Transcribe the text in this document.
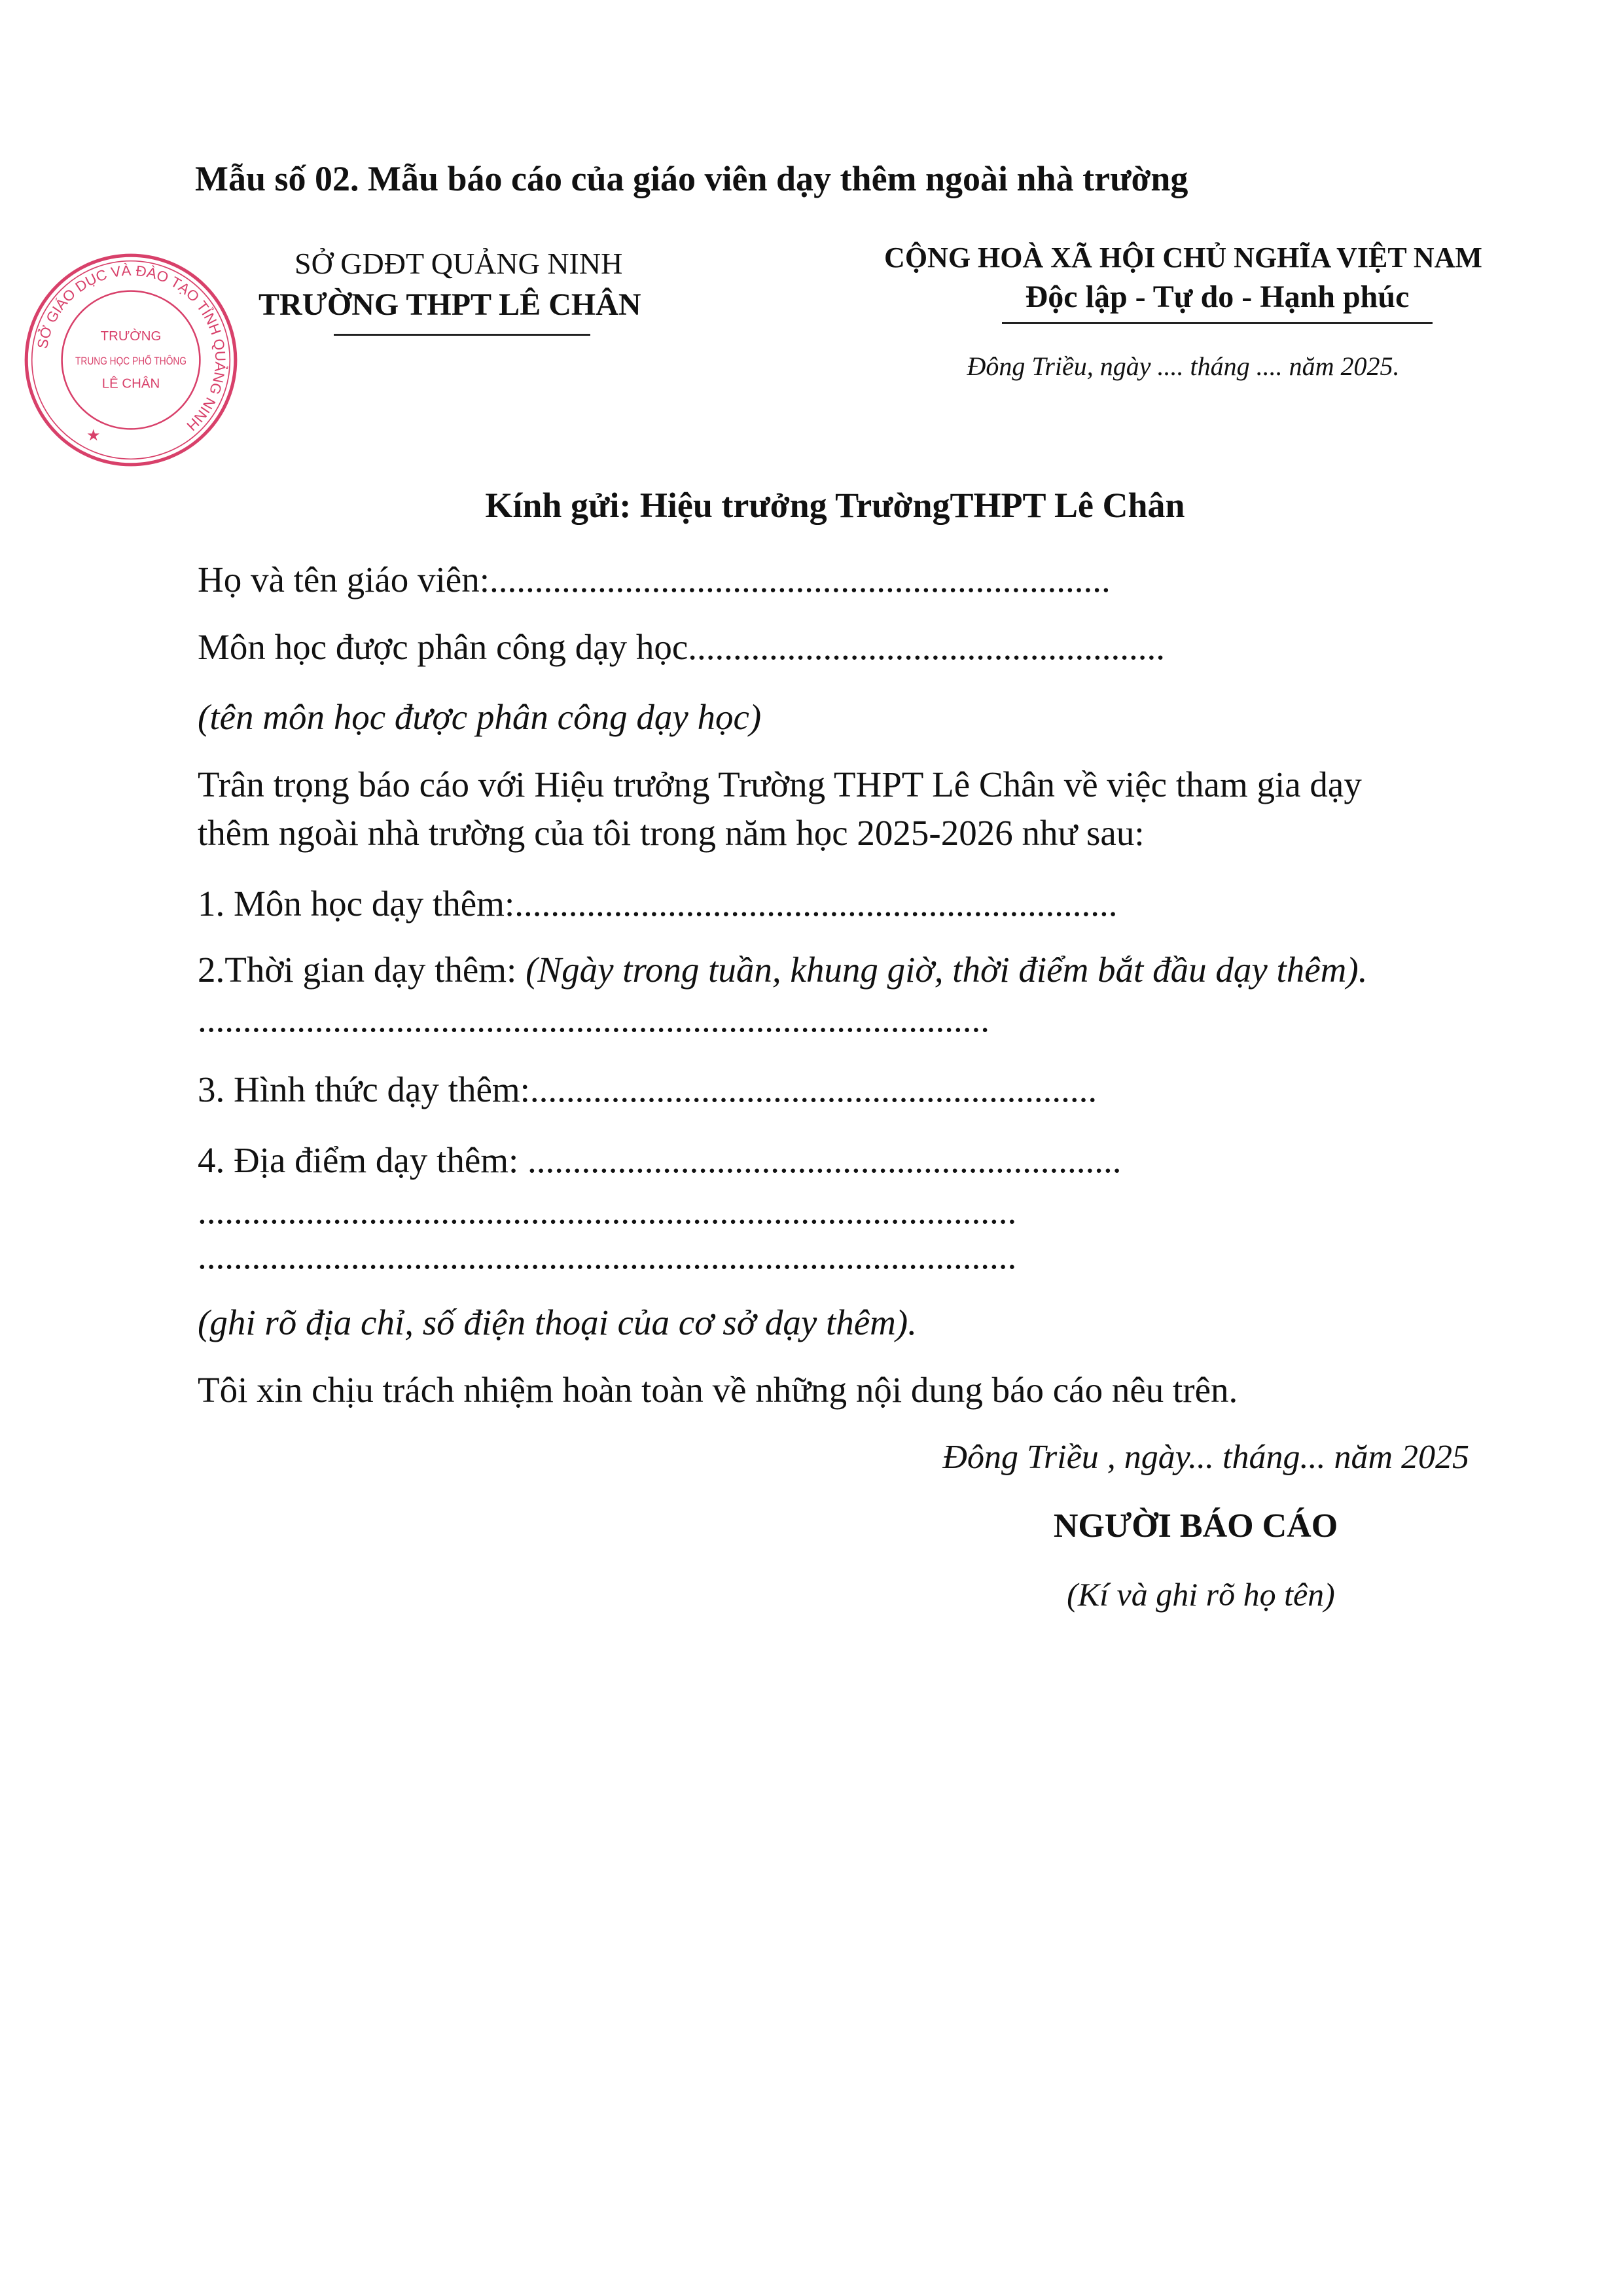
Mẫu số 02. Mẫu báo cáo của giáo viên dạy thêm ngoài nhà trường
SỞ GIÁO DỤC VÀ ĐÀO TẠO TỈNH QUẢNG NINH
TRƯỜNG
TRUNG HỌC PHỔ THÔNG
LÊ CHÂN
★
SỞ GDĐT QUẢNG NINH
TRƯỜNG THPT LÊ CHÂN
CỘNG HOÀ XÃ HỘI CHỦ NGHĨA VIỆT NAM
Độc lập - Tự do - Hạnh phúc
Đông Triều, ngày .... tháng .... năm 2025.
Kính gửi: Hiệu trưởng TrườngTHPT Lê Chân
Họ và tên giáo viên:.....................................................................
Môn học được phân công dạy học.....................................................
(tên môn học được phân công dạy học)
Trân trọng báo cáo với Hiệu trưởng Trường THPT Lê Chân về việc tham gia dạy
thêm ngoài nhà trường của tôi trong năm học 2025-2026 như sau:
1. Môn học dạy thêm:...................................................................
2.Thời gian dạy thêm: (Ngày trong tuần, khung giờ, thời điểm bắt đầu dạy thêm).
........................................................................................
3. Hình thức dạy thêm:...............................................................
4. Địa điểm dạy thêm: ..................................................................
...........................................................................................
...........................................................................................
(ghi rõ địa chỉ, số điện thoại của cơ sở dạy thêm).
Tôi xin chịu trách nhiệm hoàn toàn về những nội dung báo cáo nêu trên.
Đông Triều , ngày... tháng... năm 2025
NGƯỜI BÁO CÁO
(Kí và ghi rõ họ tên)
